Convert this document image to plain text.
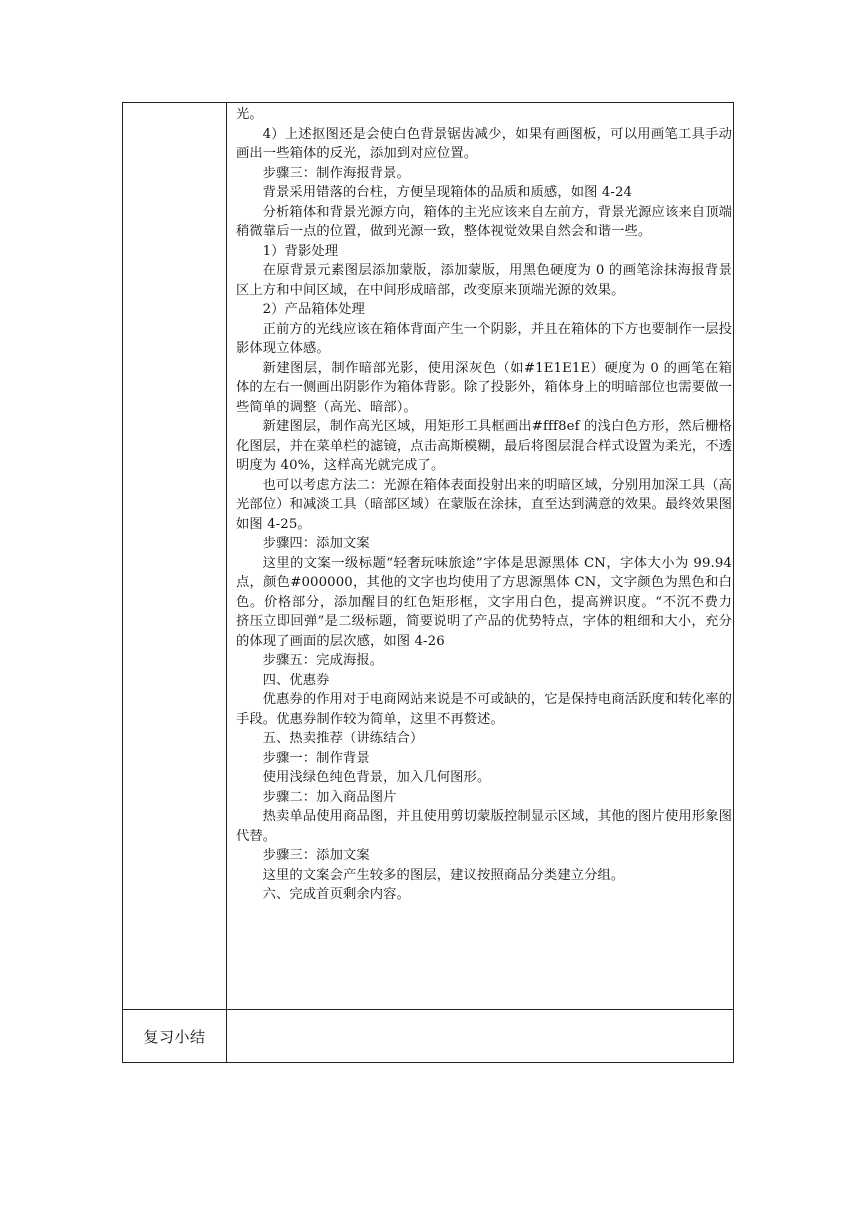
光。

4）上述抠图还是会使白色背景锯齿减少，如果有画图板，可以用画笔工具手动画出一些箱体的反光，添加到对应位置。

步骤三：制作海报背景。

背景采用错落的台柱，方便呈现箱体的品质和质感，如图 4-24

分析箱体和背景光源方向，箱体的主光应该来自左前方，背景光源应该来自顶端稍微靠后一点的位置，做到光源一致，整体视觉效果自然会和谐一些。

1）背影处理

在原背景元素图层添加蒙版，添加蒙版，用黑色硬度为 0 的画笔涂抹海报背景区上方和中间区域，在中间形成暗部，改变原来顶端光源的效果。

2）产品箱体处理

正前方的光线应该在箱体背面产生一个阴影，并且在箱体的下方也要制作一层投影体现立体感。

新建图层，制作暗部光影，使用深灰色（如#1E1E1E）硬度为 0 的画笔在箱体的左右一侧画出阴影作为箱体背影。除了投影外，箱体身上的明暗部位也需要做一些简单的调整（高光、暗部）。

新建图层，制作高光区域，用矩形工具框画出#fff8ef 的浅白色方形，然后栅格化图层，并在菜单栏的滤镜，点击高斯模糊，最后将图层混合样式设置为柔光，不透明度为 40%，这样高光就完成了。

也可以考虑方法二：光源在箱体表面投射出来的明暗区域，分别用加深工具（高光部位）和减淡工具（暗部区域）在蒙版在涂抹，直至达到满意的效果。最终效果图如图 4-25。

步骤四：添加文案

这里的文案一级标题“轻奢玩味旅途”字体是思源黑体 CN，字体大小为 99.94 点，颜色#000000，其他的文字也均使用了方思源黑体 CN，文字颜色为黑色和白色。价格部分，添加醒目的红色矩形框，文字用白色，提高辨识度。“不沉不费力　挤压立即回弹”是二级标题，简要说明了产品的优势特点，字体的粗细和大小，充分的体现了画面的层次感，如图 4-26

步骤五：完成海报。

四、优惠券

优惠券的作用对于电商网站来说是不可或缺的，它是保持电商活跃度和转化率的手段。优惠券制作较为简单，这里不再赘述。

五、热卖推荐（讲练结合）

步骤一：制作背景

使用浅绿色纯色背景，加入几何图形。

步骤二：加入商品图片

热卖单品使用商品图，并且使用剪切蒙版控制显示区域，其他的图片使用形象图代替。

步骤三：添加文案

这里的文案会产生较多的图层，建议按照商品分类建立分组。

六、完成首页剩余内容。

复习小结
